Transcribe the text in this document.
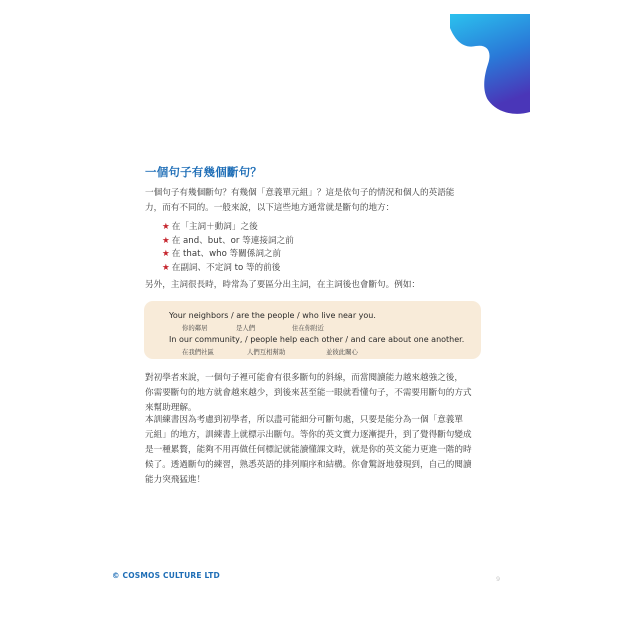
一個句子有幾個斷句？

一個句子有幾個斷句？有幾個「意義單元組」？這是依句子的情況和個人的英語能
力，而有不同的。一般來說，以下這些地方通常就是斷句的地方：

★ 在「主詞＋動詞」之後
★ 在 and、but、or 等連接詞之前
★ 在 that、who 等關係詞之前
★ 在副詞、不定詞 to 等的前後

另外，主詞很長時，時常為了要區分出主詞，在主詞後也會斷句。例如：

Your neighbors / are the people / who live near you.
你的鄰居	是人們	住在你附近
In our community, / people help each other / and care about one another.
在我們社區	人們互相幫助	並彼此關心

對初學者來說，一個句子裡可能會有很多斷句的斜線，而當閱讀能力越來越強之後，
你需要斷句的地方就會越來越少，到後來甚至能一眼就看懂句子，不需要用斷句的方式
來幫助理解。

本訓練書因為考慮到初學者，所以盡可能細分可斷句處，只要是能分為一個「意義單
元組」的地方，訓練書上就標示出斷句。等你的英文實力逐漸提升，到了覺得斷句變成
是一種累贅，能夠不用再做任何標記就能讀懂課文時，就是你的英文能力更進一階的時
候了。透過斷句的練習，熟悉英語的排列順序和結構。你會驚訝地發現到，自己的閱讀
能力突飛猛進！

© COSMOS CULTURE LTD	9
